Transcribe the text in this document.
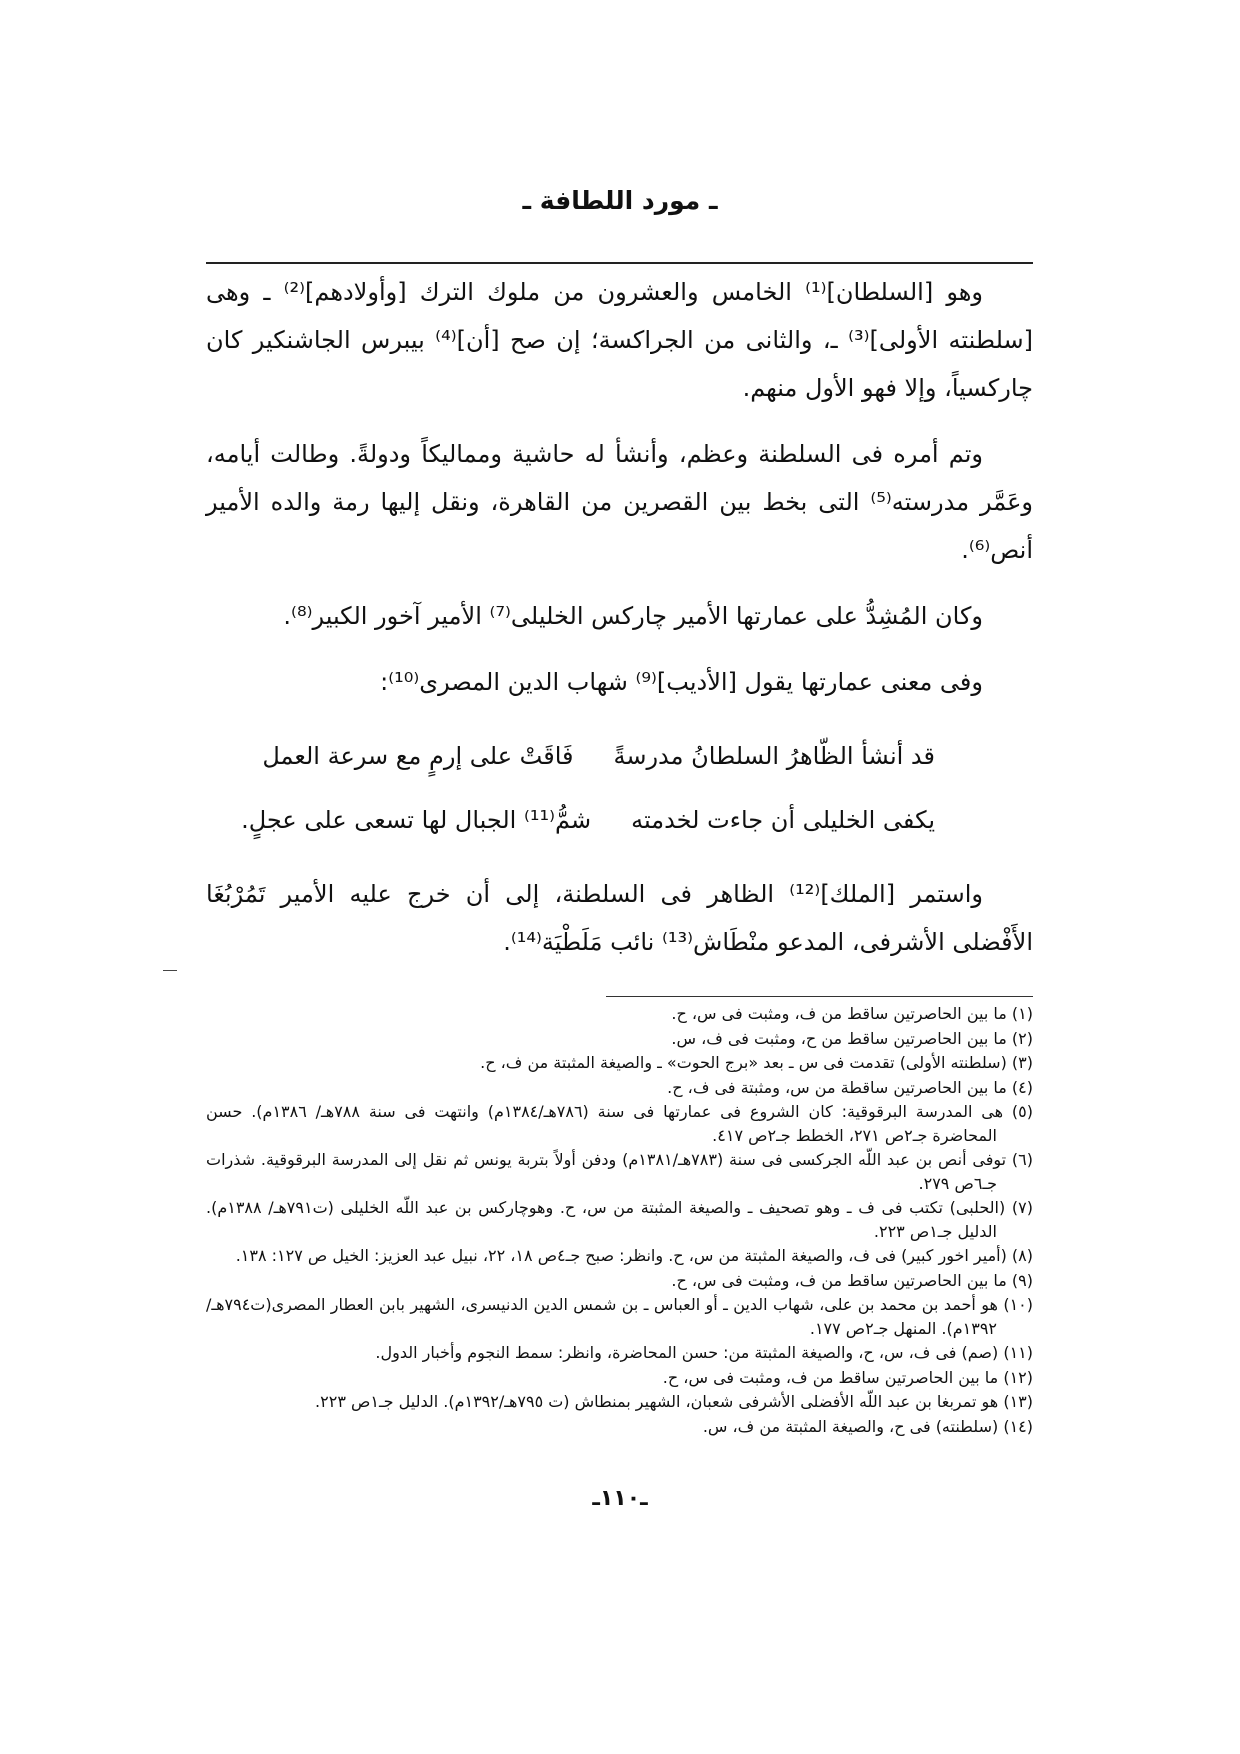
ـ مورد اللطافة ـ

وهو [السلطان]⁽¹⁾ الخامس والعشرون من ملوك الترك [وأولادهم]⁽²⁾ ـ وهى [سلطنته الأولى]⁽³⁾ ـ، والثانى من الجراكسة؛ إن صح [أن]⁽⁴⁾ بيبرس الجاشنكير كان چاركسياً، وإلا فهو الأول منهم.

وتم أمره فى السلطنة وعظم، وأنشأ له حاشية ومماليكاً ودولةً. وطالت أيامه، وعَمَّر مدرسته⁽⁵⁾ التى بخط بين القصرين من القاهرة، ونقل إليها رمة والده الأمير أنص⁽⁶⁾.

وكان المُشِدُّ على عمارتها الأمير چاركس الخليلى⁽⁷⁾ الأمير آخور الكبير⁽⁸⁾.

وفى معنى عمارتها يقول [الأديب]⁽⁹⁾ شهاب الدين المصرى⁽¹⁰⁾:

قد أنشأ الظّاهرُ السلطانُ مدرسةً
فَاقَتْ على إرمٍ مع سرعة العمل
يكفى الخليلى أن جاءت لخدمته
شمُّ⁽¹¹⁾ الجبال لها تسعى على عجلٍ.

واستمر [الملك]⁽¹²⁾ الظاهر فى السلطنة، إلى أن خرج عليه الأمير تَمُرْبُغَا الأَفْضلى الأشرفى، المدعو منْطَاش⁽¹³⁾ نائب مَلَطْيَة⁽¹⁴⁾.

(١) ما بين الحاصرتين ساقط من ف، ومثبت فى س، ح.
(٢) ما بين الحاصرتين ساقط من ح، ومثبت فى ف، س.
(٣) (سلطنته الأولى) تقدمت فى س ـ بعد «برج الحوت» ـ والصيغة المثبتة من ف، ح.
(٤) ما بين الحاصرتين ساقطة من س، ومثبتة فى ف، ح.
(٥) هى المدرسة البرقوقية: كان الشروع فى عمارتها فى سنة (٧٨٦هـ/١٣٨٤م) وانتهت فى سنة ٧٨٨هـ/ ١٣٨٦م). حسن المحاضرة جـ٢ص ٢٧١، الخطط جـ٢ص ٤١٧.
(٦) توفى أنص بن عبد اللّه الجركسى فى سنة (٧٨٣هـ/١٣٨١م) ودفن أولاً بتربة يونس ثم نقل إلى المدرسة البرقوقية. شذرات جـ٦ص ٢٧٩.
(٧) (الحلبى) تكتب فى ف ـ وهو تصحيف ـ والصيغة المثبتة من س، ح. وهوچاركس بن عبد اللّه الخليلى (ت٧٩١هـ/ ١٣٨٨م). الدليل جـ١ص ٢٢٣.
(٨) (أمير اخور كبير) فى ف، والصيغة المثبتة من س، ح. وانظر: صبح جـ٤ص ١٨، ٢٢، نبيل عبد العزيز: الخيل ص ١٢٧: ١٣٨.
(٩) ما بين الحاصرتين ساقط من ف، ومثبت فى س، ح.
(١٠) هو أحمد بن محمد بن على، شهاب الدين ـ أو العباس ـ بن شمس الدين الدنيسرى، الشهير بابن العطار المصرى(ت٧٩٤هـ/١٣٩٢م). المنهل جـ٢ص ١٧٧.
(١١) (صم) فى ف، س، ح، والصيغة المثبتة من: حسن المحاضرة، وانظر: سمط النجوم وأخبار الدول.
(١٢) ما بين الحاصرتين ساقط من ف، ومثبت فى س، ح.
(١٣) هو تمربغا بن عبد اللّه الأفضلى الأشرفى شعبان، الشهير بمنطاش (ت ٧٩٥هـ/١٣٩٢م). الدليل جـ١ص ٢٢٣.
(١٤) (سلطنته) فى ح، والصيغة المثبتة من ف، س.
ـ١١٠ـ
